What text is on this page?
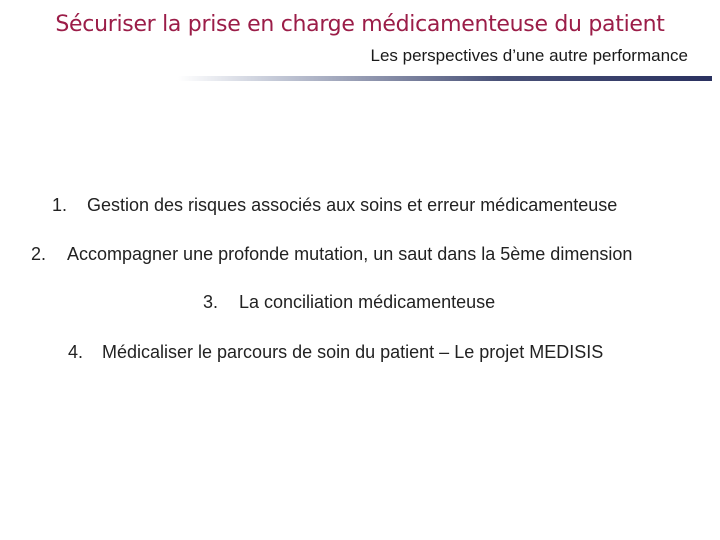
Sécuriser la prise en charge médicamenteuse du patient
Les perspectives d’une autre performance
1. Gestion des risques associés aux soins et erreur médicamenteuse
2. Accompagner une profonde mutation, un saut dans la 5ème dimension
3. La conciliation médicamenteuse
4. Médicaliser le parcours de soin du patient – Le projet MEDISIS
